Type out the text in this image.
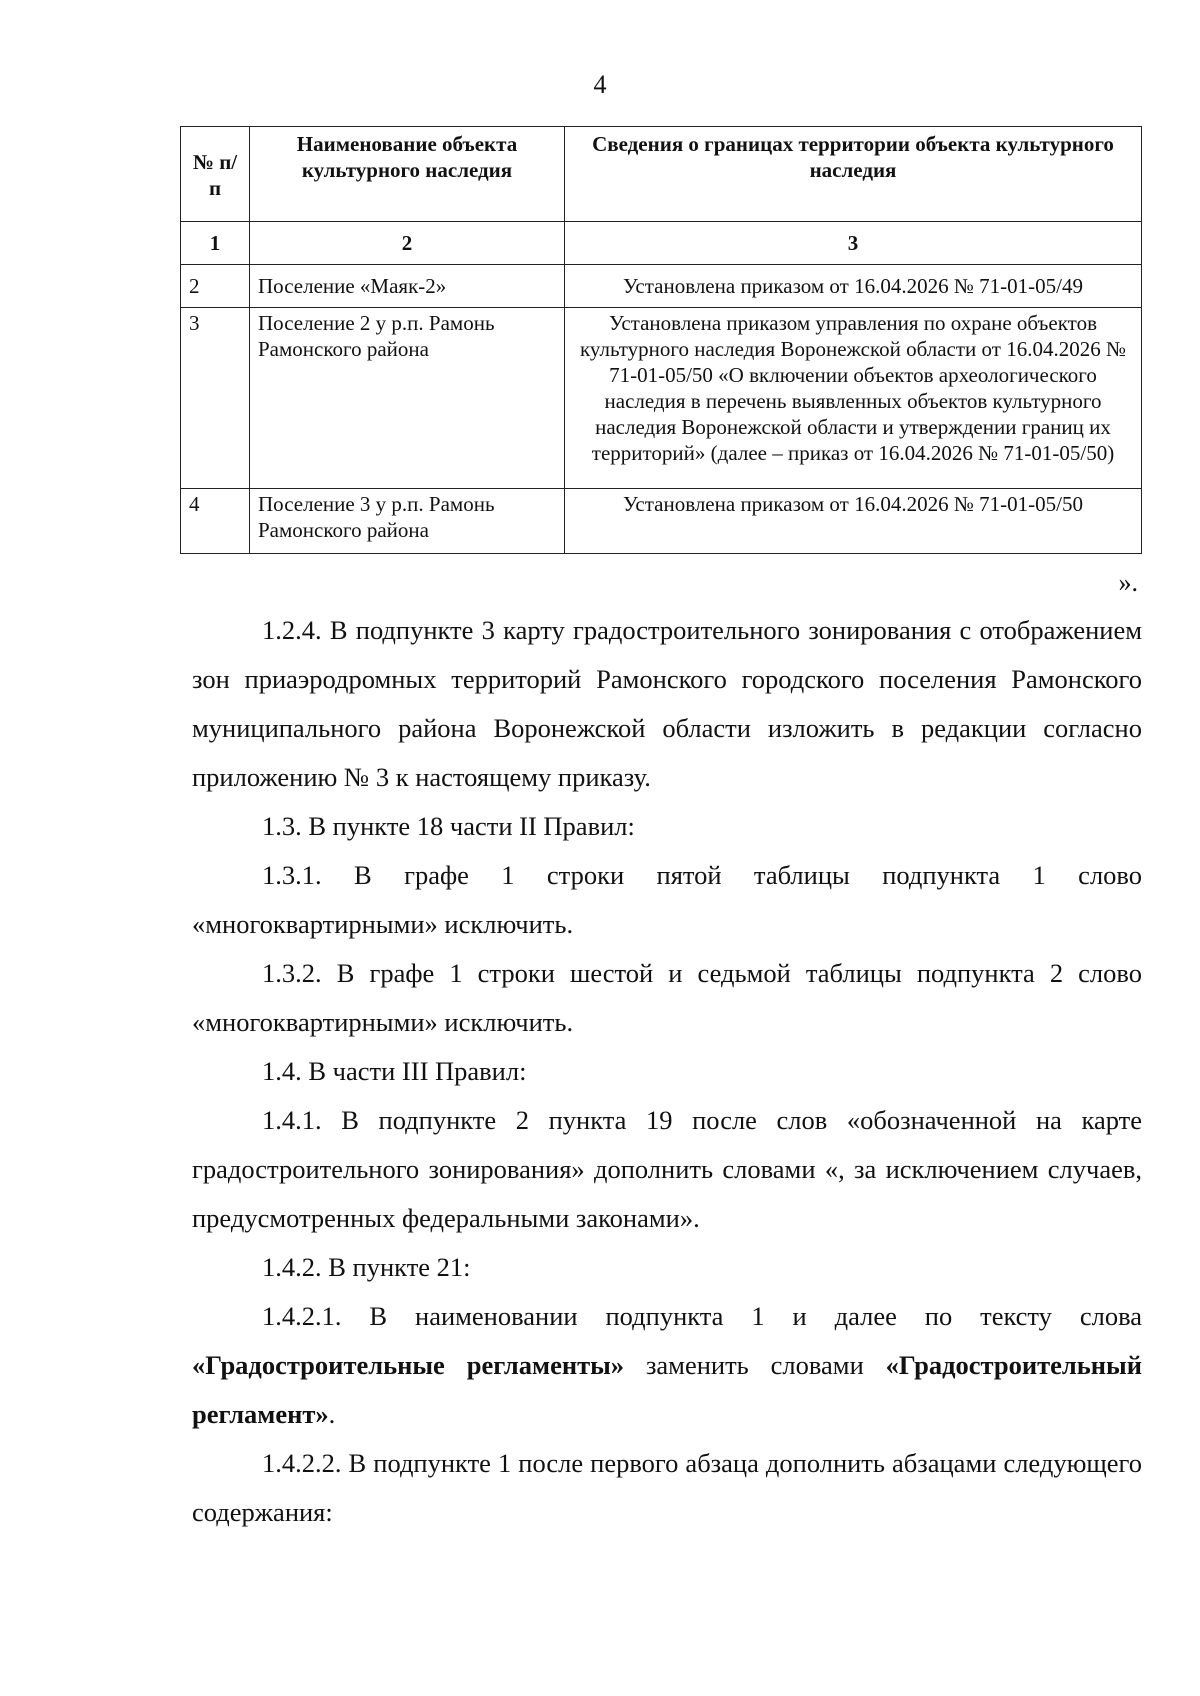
4
№ п/п	Наименование объекта культурного наследия	Сведения о границах территории объекта культурного наследия
1	2	3
2	Поселение «Маяк-2»	Установлена приказом от 16.04.2026 № 71-01-05/49
3	Поселение 2 у р.п. Рамонь Рамонского района	Установлена приказом управления по охране объектов культурного наследия Воронежской области от 16.04.2026 № 71-01-05/50 «О включении объектов археологического наследия в перечень выявленных объектов культурного наследия Воронежской области и утверждении границ их территорий» (далее – приказ от 16.04.2026 № 71-01-05/50)
4	Поселение 3 у р.п. Рамонь Рамонского района	Установлена приказом от 16.04.2026 № 71-01-05/50
».

1.2.4. В подпункте 3 карту градостроительного зонирования с отображением зон приаэродромных территорий Рамонского городского поселения Рамонского муниципального района Воронежской области изложить в редакции согласно приложению № 3 к настоящему приказу.

1.3. В пункте 18 части II Правил:

1.3.1. В графе 1 строки пятой таблицы подпункта 1 слово «многоквартирными» исключить.

1.3.2. В графе 1 строки шестой и седьмой таблицы подпункта 2 слово «многоквартирными» исключить.

1.4. В части III Правил:

1.4.1. В подпункте 2 пункта 19 после слов «обозначенной на карте градостроительного зонирования» дополнить словами «, за исключением случаев, предусмотренных федеральными законами».

1.4.2. В пункте 21:

1.4.2.1. В наименовании подпункта 1 и далее по тексту слова «Градостроительные регламенты» заменить словами «Градостроительный регламент».

1.4.2.2. В подпункте 1 после первого абзаца дополнить абзацами следующего содержания:
